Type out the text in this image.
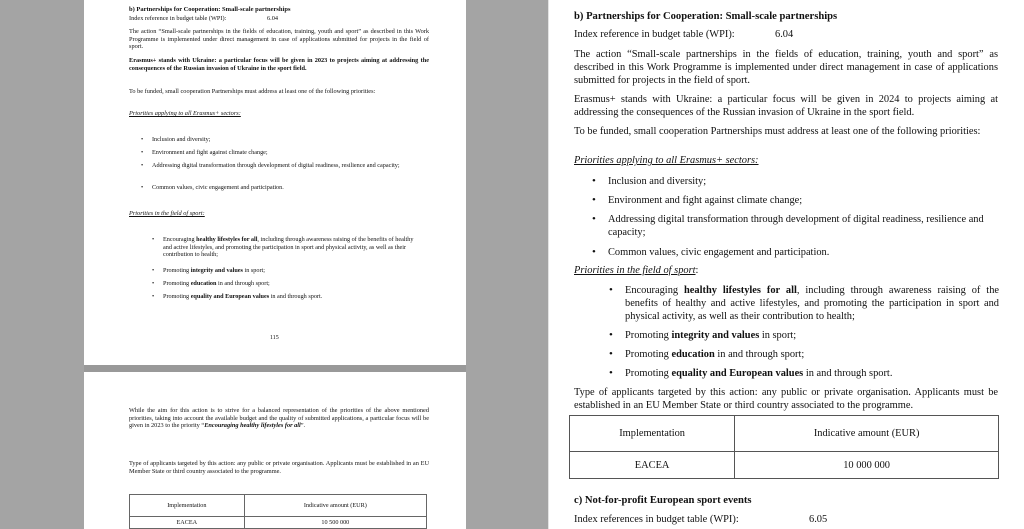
b) Partnerships for Cooperation: Small-scale partnerships
Index reference in budget table (WPI):	6.04
The action “Small-scale partnerships in the fields of education, training, youth and sport” as described in this Work Programme is implemented under direct management in case of applications submitted for projects in the field of sport.
Erasmus+ stands with Ukraine: a particular focus will be given in 2023 to projects aiming at addressing the consequences of the Russian invasion of Ukraine in the sport field.
To be funded, small cooperation Partnerships must address at least one of the following priorities:
Priorities applying to all Erasmus+ sectors:
• Inclusion and diversity;
• Environment and fight against climate change;
• Addressing digital transformation through development of digital readiness, resilience and capacity;
• Common values, civic engagement and participation.
Priorities in the field of sport:
• Encouraging healthy lifestyles for all, including through awareness raising of the benefits of healthy and active lifestyles, and promoting the participation in sport and physical activity, as well as their contribution to health;
• Promoting integrity and values in sport;
• Promoting education in and through sport;
• Promoting equality and European values in and through sport.
115
While the aim for this action is to strive for a balanced representation of the priorities of the above mentioned priorities, taking into account the available budget and the quality of submitted applications, a particular focus will be given in 2023 to the priority “Encouraging healthy lifestyles for all”.
Type of applicants targeted by this action: any public or private organisation. Applicants must be established in an EU Member State or third country associated to the programme.
Implementation	Indicative amount (EUR)
EACEA	10 500 000
b) Partnerships for Cooperation: Small-scale partnerships
Index reference in budget table (WPI):	6.04
The action “Small-scale partnerships in the fields of education, training, youth and sport” as described in this Work Programme is implemented under direct management in case of applications submitted for projects in the field of sport.
Erasmus+ stands with Ukraine: a particular focus will be given in 2024 to projects aiming at addressing the consequences of the Russian invasion of Ukraine in the sport field.
To be funded, small cooperation Partnerships must address at least one of the following priorities:
Priorities applying to all Erasmus+ sectors:
• Inclusion and diversity;
• Environment and fight against climate change;
• Addressing digital transformation through development of digital readiness, resilience and capacity;
• Common values, civic engagement and participation.
Priorities in the field of sport:
• Encouraging healthy lifestyles for all, including through awareness raising of the benefits of healthy and active lifestyles, and promoting the participation in sport and physical activity, as well as their contribution to health;
• Promoting integrity and values in sport;
• Promoting education in and through sport;
• Promoting equality and European values in and through sport.
Type of applicants targeted by this action: any public or private organisation. Applicants must be established in an EU Member State or third country associated to the programme.
Implementation	Indicative amount (EUR)
EACEA	10 000 000
c) Not-for-profit European sport events
Index references in budget table (WPI):	6.05
